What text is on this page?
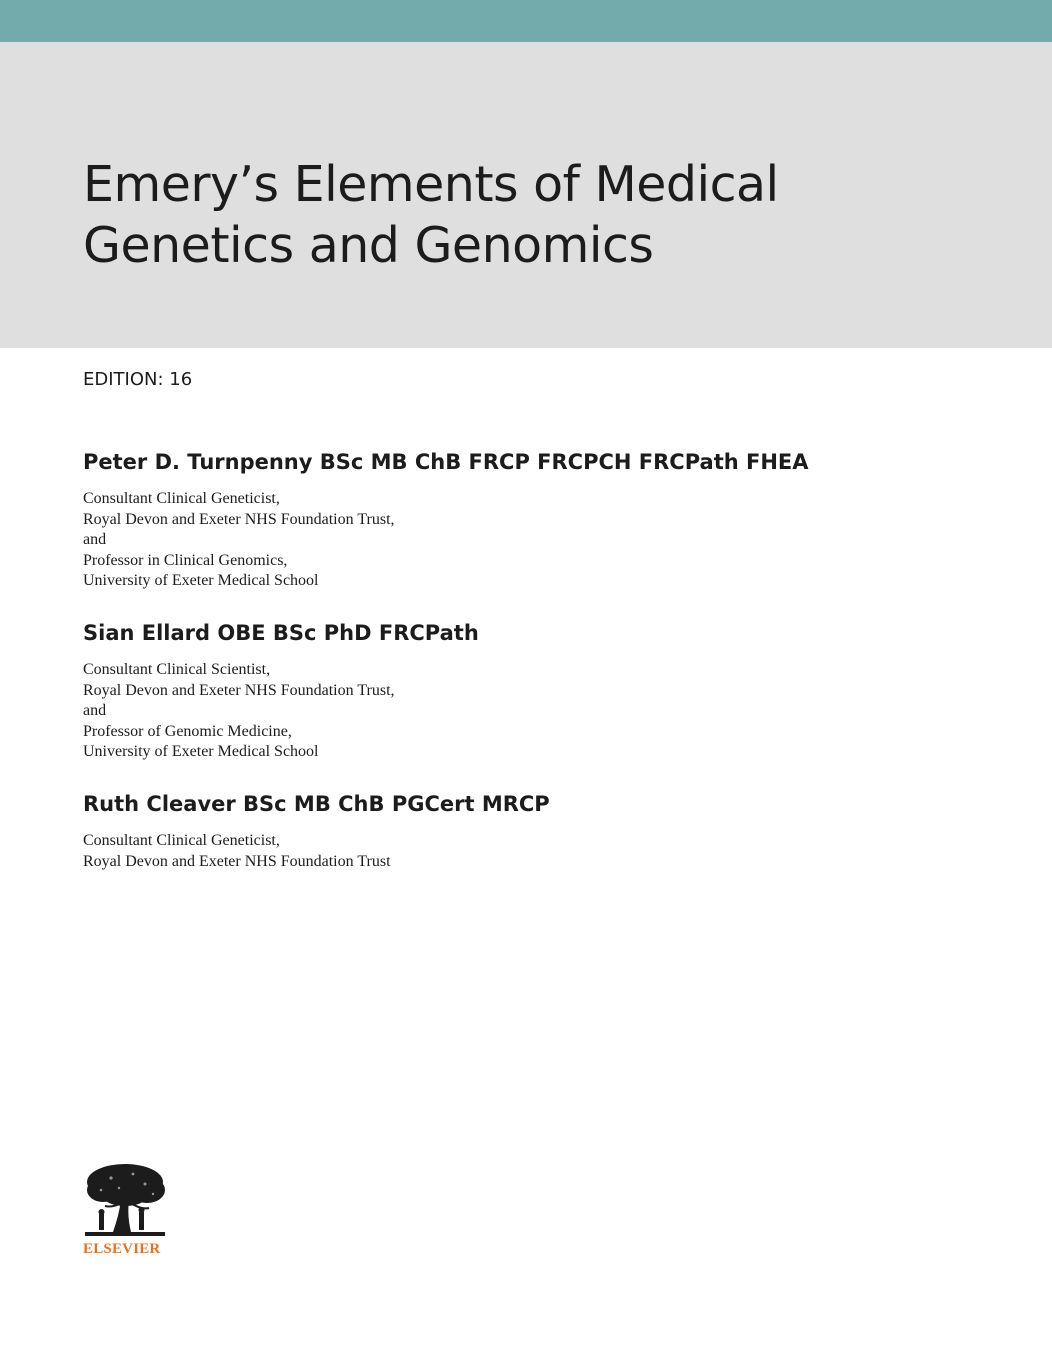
Emery’s Elements of Medical
Genetics and Genomics
EDITION: 16
Peter D. Turnpenny BSc MB ChB FRCP FRCPCH FRCPath FHEA
Consultant Clinical Geneticist,
Royal Devon and Exeter NHS Foundation Trust,
and
Professor in Clinical Genomics,
University of Exeter Medical School
Sian Ellard OBE BSc PhD FRCPath
Consultant Clinical Scientist,
Royal Devon and Exeter NHS Foundation Trust,
and
Professor of Genomic Medicine,
University of Exeter Medical School
Ruth Cleaver BSc MB ChB PGCert MRCP
Consultant Clinical Geneticist,
Royal Devon and Exeter NHS Foundation Trust
ELSEVIER
